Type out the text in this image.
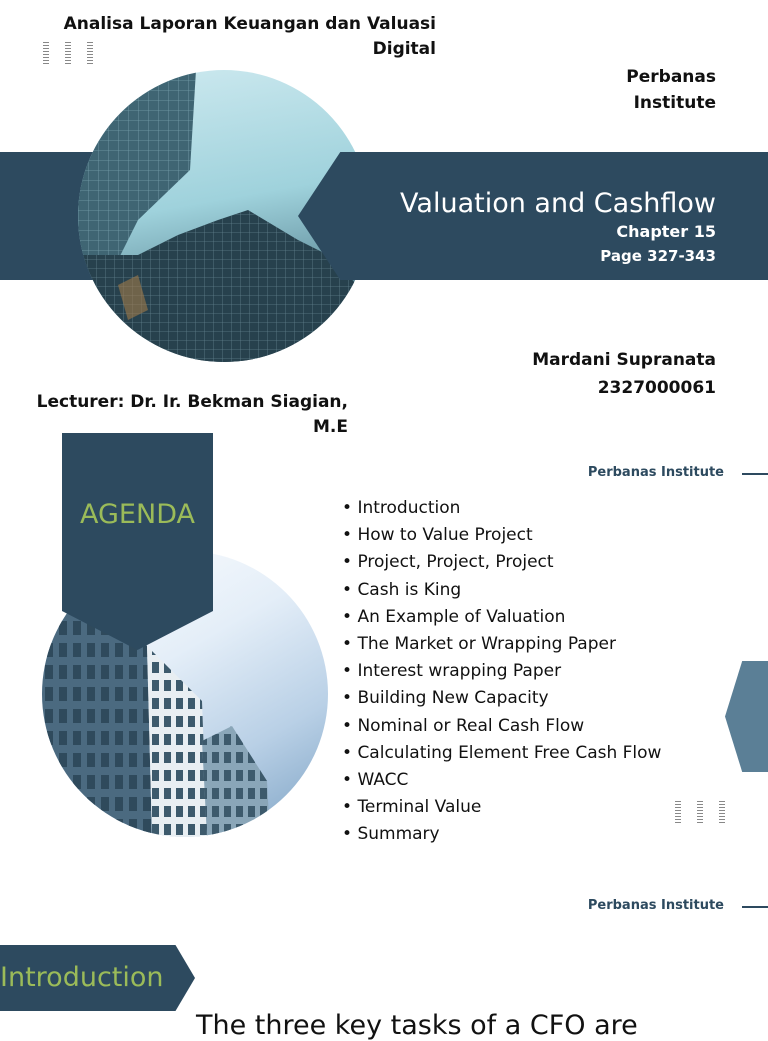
Analisa Laporan Keuangan dan Valuasi Digital
Perbanas Institute
Valuation and Cashflow
Chapter 15
Page 327-343
Mardani Supranata
2327000061
Lecturer: Dr. Ir. Bekman Siagian, M.E
Perbanas Institute
AGENDA
•	Introduction
• How to Value Project
• Project, Project, Project
• Cash is King
• An Example of Valuation
• The Market or Wrapping Paper
• Interest wrapping Paper
• Building New Capacity
• Nominal or Real Cash Flow
• Calculating Element Free Cash Flow
• WACC
• Terminal Value
• Summary
Perbanas Institute
Introduction
The three key tasks of a CFO are
